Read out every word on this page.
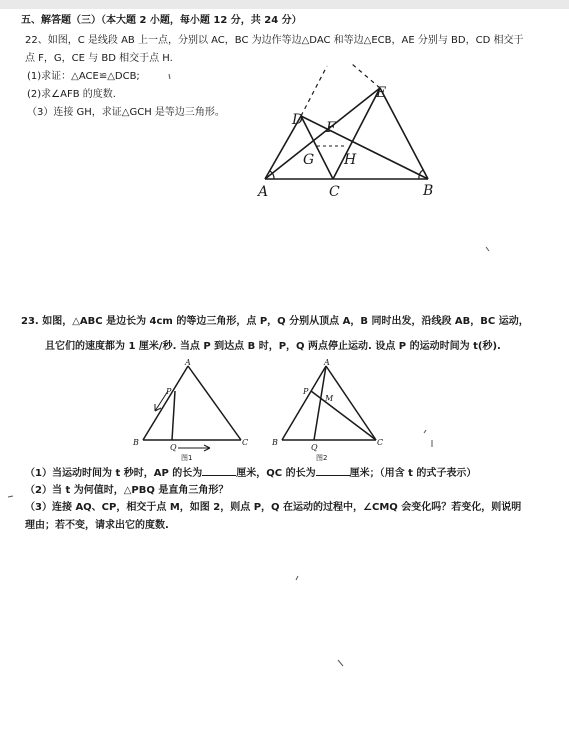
五、解答题（三）（本大题 2 小题，每小题 12 分，共 24 分）
22、如图，C 是线段 AB 上一点，分别以 AC，BC 为边作等边△DAC 和等边△ECB，AE 分别与 BD，CD 相交于
点 F，G，CE 与 BD 相交于点 H.
(1)求证：△ACE≌△DCB;
(2)求∠AFB 的度数.
（3）连接 GH，求证△GCH 是等边三角形。
A	C	B
D
E
F
G H
23. 如图，△ABC 是边长为 4cm 的等边三角形，点 P，Q 分别从顶点 A，B 同时出发，沿线段 AB，BC 运动，
且它们的速度都为 1 厘米/秒. 当点 P 到达点 B 时，P，Q 两点停止运动. 设点 P 的运动时间为 t(秒).
A
B	C
P
Q
图1
A
B	C
P
Q
M
图2
（1）当运动时间为 t 秒时，AP 的长为	厘米，QC 的长为	厘米；（用含 t 的式子表示）
（2）当 t 为何值时，△PBQ 是直角三角形？
（3）连接 AQ、CP，相交于点 M，如图 2，则点 P，Q 在运动的过程中，∠CMQ 会变化吗？若变化，则说明
理由；若不变，请求出它的度数.
